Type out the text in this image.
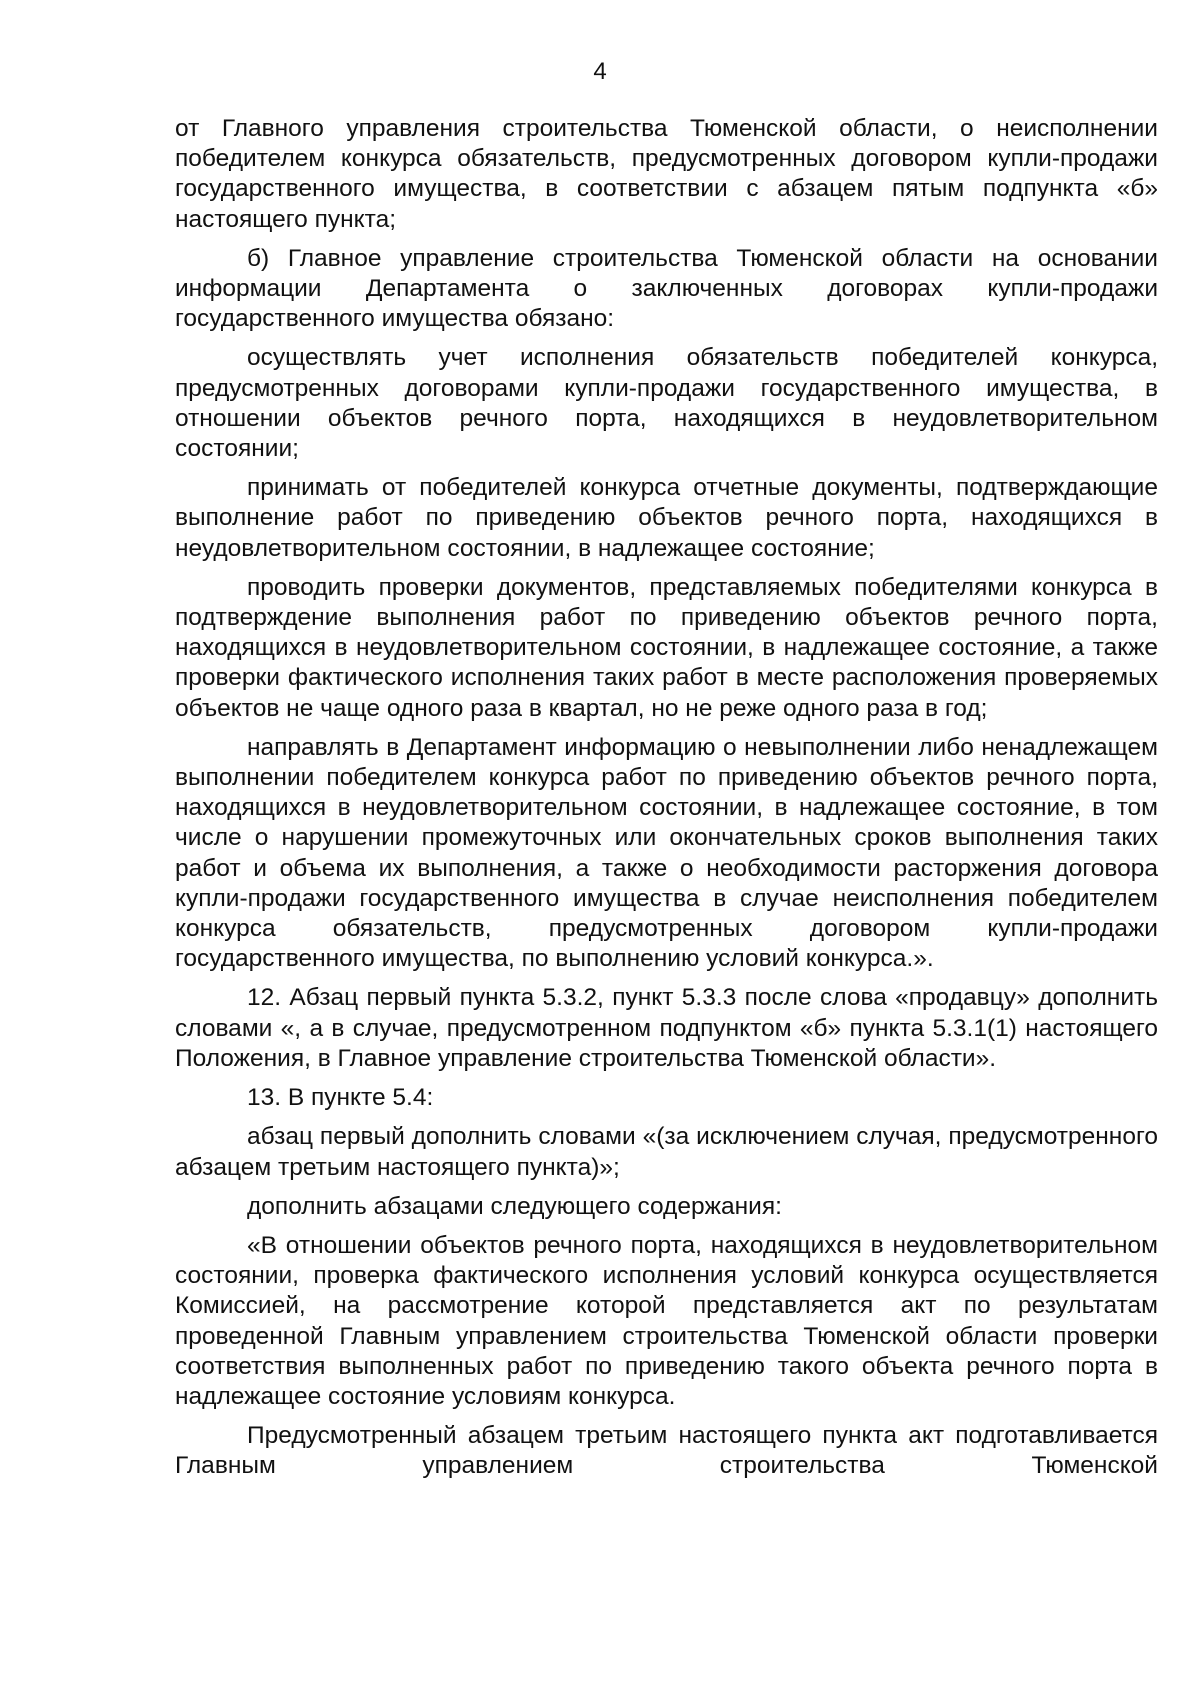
4

от Главного управления строительства Тюменской области, о неисполнении победителем конкурса обязательств, предусмотренных договором купли-продажи государственного имущества, в соответствии с абзацем пятым подпункта «б» настоящего пункта;

б) Главное управление строительства Тюменской области на основании информации Департамента о заключенных договорах купли-продажи государственного имущества обязано:

осуществлять учет исполнения обязательств победителей конкурса, предусмотренных договорами купли-продажи государственного имущества, в отношении объектов речного порта, находящихся в неудовлетворительном состоянии;

принимать от победителей конкурса отчетные документы, подтверждающие выполнение работ по приведению объектов речного порта, находящихся в неудовлетворительном состоянии, в надлежащее состояние;

проводить проверки документов, представляемых победителями конкурса в подтверждение выполнения работ по приведению объектов речного порта, находящихся в неудовлетворительном состоянии, в надлежащее состояние, а также проверки фактического исполнения таких работ в месте расположения проверяемых объектов не чаще одного раза в квартал, но не реже одного раза в год;

направлять в Департамент информацию о невыполнении либо ненадлежащем выполнении победителем конкурса работ по приведению объектов речного порта, находящихся в неудовлетворительном состоянии, в надлежащее состояние, в том числе о нарушении промежуточных или окончательных сроков выполнения таких работ и объема их выполнения, а также о необходимости расторжения договора купли-продажи государственного имущества в случае неисполнения победителем конкурса обязательств, предусмотренных договором купли-продажи государственного имущества, по выполнению условий конкурса.».

12. Абзац первый пункта 5.3.2, пункт 5.3.3 после слова «продавцу» дополнить словами «, а в случае, предусмотренном подпунктом «б» пункта 5.3.1(1) настоящего Положения, в Главное управление строительства Тюменской области».

13. В пункте 5.4:

абзац первый дополнить словами «(за исключением случая, предусмотренного абзацем третьим настоящего пункта)»;

дополнить абзацами следующего содержания:

«В отношении объектов речного порта, находящихся в неудовлетворительном состоянии, проверка фактического исполнения условий конкурса осуществляется Комиссией, на рассмотрение которой представляется акт по результатам проведенной Главным управлением строительства Тюменской области проверки соответствия выполненных работ по приведению такого объекта речного порта в надлежащее состояние условиям конкурса.

Предусмотренный абзацем третьим настоящего пункта акт подготавливается Главным управлением строительства Тюменской
